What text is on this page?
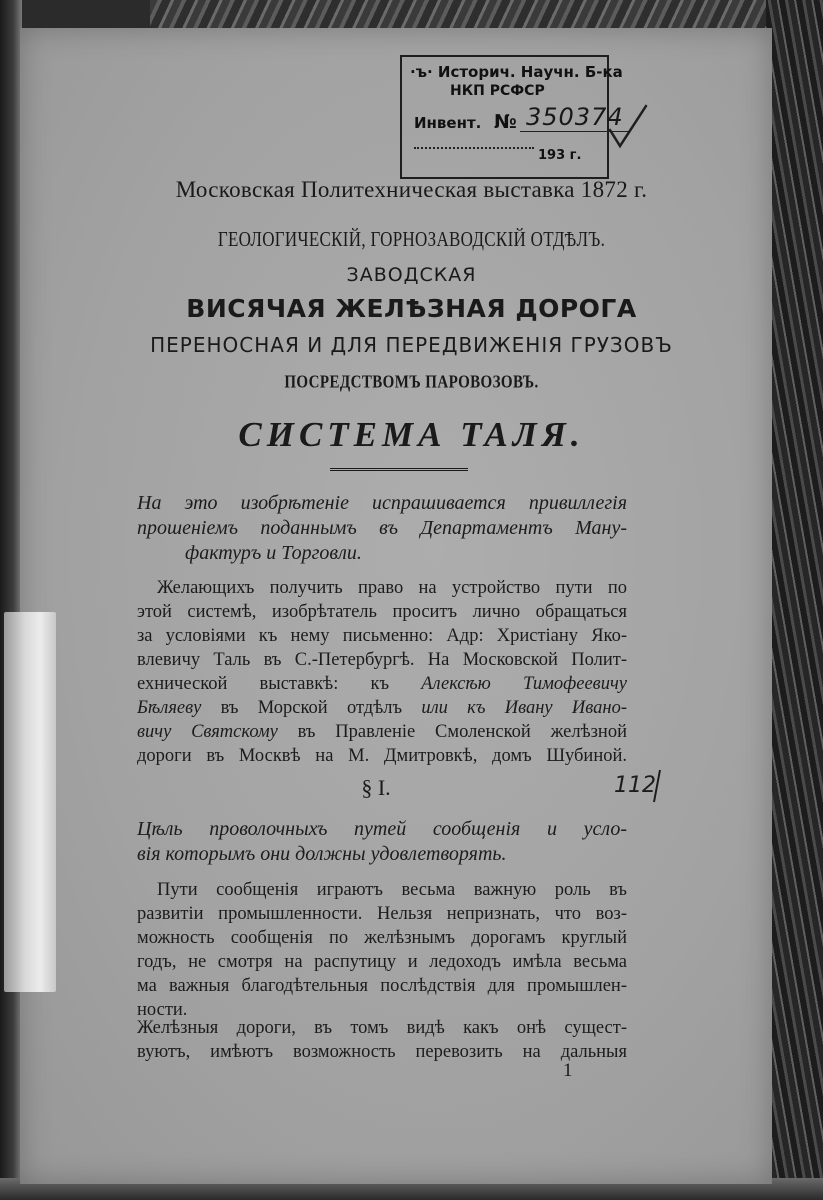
·ъ· Историч. Научн. Б-ка
НКП РСФСР
Инвент. № 350374
193 г.
Московская Политехническая выставка 1872 г.
ГЕОЛОГИЧЕСКIЙ, ГОРНОЗАВОДСКIЙ ОТДѢЛЪ.
ЗАВОДСКАЯ
ВИСЯЧАЯ ЖЕЛѢЗНАЯ ДОРОГА
ПЕРЕНОСНАЯ И ДЛЯ ПЕРЕДВИЖЕНIЯ ГРУЗОВЪ
ПОСРЕДСТВОМЪ ПАРОВОЗОВЪ.
СИСТЕМА ТАЛЯ.
На это изобрѣтенiе испрашивается привиллегiя
прошенiемъ поданнымъ въ Департаментъ Ману-
фактуръ и Торговли.
Желающихъ получить право на устройство пути по
этой системѣ, изобрѣтатель проситъ лично обращаться
за условiями къ нему письменно: Адр: Христiану Яко-
влевичу Таль въ С.-Петербургѣ. На Московской Полит-
ехнической выставкѣ: къ Алексѣю Тимофеевичу
Бѣляеву въ Морской отдѣлъ или къ Ивану Ивано-
вичу Святскому въ Правленiе Смоленской желѣзной
дороги въ Москвѣ на М. Дмитровкѣ, домъ Шубиной.
§ I.	112
Цѣль проволочныхъ путей сообщенiя и усло-
вiя которымъ они должны удовлетворять.
Пути сообщенiя играютъ весьма важную роль въ
развитiи промышленности. Нельзя непризнать, что воз-
можность сообщенiя по желѣзнымъ дорогамъ круглый
годъ, не смотря на распутицу и ледоходъ имѣла весьма
ма важныя благодѣтельныя послѣдствiя для промышлен-
ности.
Желѣзныя дороги, въ томъ видѣ какъ онѣ сущест-
вуютъ, имѣютъ возможность перевозить на дальныя
1
